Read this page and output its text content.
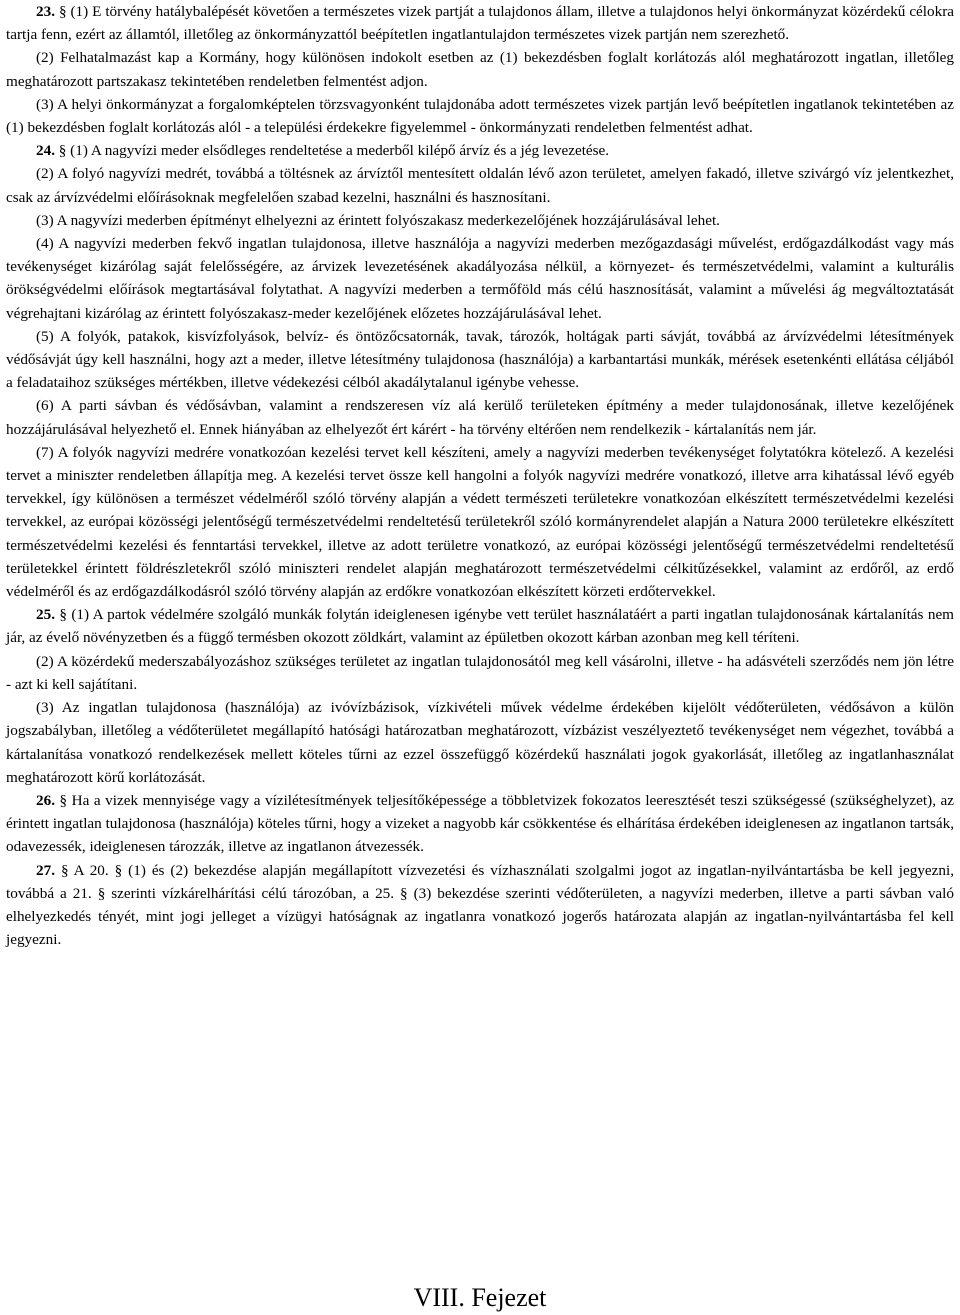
23. § (1) E törvény hatálybalépését követően a természetes vizek partját a tulajdonos állam, illetve a tulajdonos helyi önkormányzat közérdekű célokra tartja fenn, ezért az államtól, illetőleg az önkormányzattól beépítetlen ingatlantulajdon természetes vizek partján nem szerezhető.

(2) Felhatalmazást kap a Kormány, hogy különösen indokolt esetben az (1) bekezdésben foglalt korlátozás alól meghatározott ingatlan, illetőleg meghatározott partszakasz tekintetében rendeletben felmentést adjon.

(3) A helyi önkormányzat a forgalomképtelen törzsvagyonként tulajdonába adott természetes vizek partján levő beépítetlen ingatlanok tekintetében az (1) bekezdésben foglalt korlátozás alól - a települési érdekekre figyelemmel - önkormányzati rendeletben felmentést adhat.

24. § (1) A nagyvízi meder elsődleges rendeltetése a mederből kilépő árvíz és a jég levezetése.

(2) A folyó nagyvízi medrét, továbbá a töltésnek az árvíztől mentesített oldalán lévő azon területet, amelyen fakadó, illetve szivárgó víz jelentkezhet, csak az árvízvédelmi előírásoknak megfelelően szabad kezelni, használni és hasznosítani.

(3) A nagyvízi mederben építményt elhelyezni az érintett folyószakasz mederkezelőjének hozzájárulásával lehet.

(4) A nagyvízi mederben fekvő ingatlan tulajdonosa, illetve használója a nagyvízi mederben mezőgazdasági művelést, erdőgazdálkodást vagy más tevékenységet kizárólag saját felelősségére, az árvizek levezetésének akadályozása nélkül, a környezet- és természetvédelmi, valamint a kulturális örökségvédelmi előírások megtartásával folytathat. A nagyvízi mederben a termőföld más célú hasznosítását, valamint a művelési ág megváltoztatását végrehajtani kizárólag az érintett folyószakasz-meder kezelőjének előzetes hozzájárulásával lehet.

(5) A folyók, patakok, kisvízfolyások, belvíz- és öntözőcsatornák, tavak, tározók, holtágak parti sávját, továbbá az árvízvédelmi létesítmények védősávját úgy kell használni, hogy azt a meder, illetve létesítmény tulajdonosa (használója) a karbantartási munkák, mérések esetenkénti ellátása céljából a feladataihoz szükséges mértékben, illetve védekezési célból akadálytalanul igénybe vehesse.

(6) A parti sávban és védősávban, valamint a rendszeresen víz alá kerülő területeken építmény a meder tulajdonosának, illetve kezelőjének hozzájárulásával helyezhető el. Ennek hiányában az elhelyezőt ért kárért - ha törvény eltérően nem rendelkezik - kártalanítás nem jár.

(7) A folyók nagyvízi medrére vonatkozóan kezelési tervet kell készíteni, amely a nagyvízi mederben tevékenységet folytatókra kötelező. A kezelési tervet a miniszter rendeletben állapítja meg. A kezelési tervet össze kell hangolni a folyók nagyvízi medrére vonatkozó, illetve arra kihatással lévő egyéb tervekkel, így különösen a természet védelméről szóló törvény alapján a védett természeti területekre vonatkozóan elkészített természetvédelmi kezelési tervekkel, az európai közösségi jelentőségű természetvédelmi rendeltetésű területekről szóló kormányrendelet alapján a Natura 2000 területekre elkészített természetvédelmi kezelési és fenntartási tervekkel, illetve az adott területre vonatkozó, az európai közösségi jelentőségű természetvédelmi rendeltetésű területekkel érintett földrészletekről szóló miniszteri rendelet alapján meghatározott természetvédelmi célkitűzésekkel, valamint az erdőről, az erdő védelméről és az erdőgazdálkodásról szóló törvény alapján az erdőkre vonatkozóan elkészített körzeti erdőtervekkel.

25. § (1) A partok védelmére szolgáló munkák folytán ideiglenesen igénybe vett terület használatáért a parti ingatlan tulajdonosának kártalanítás nem jár, az évelő növényzetben és a függő termésben okozott zöldkárt, valamint az épületben okozott kárban azonban meg kell téríteni.

(2) A közérdekű mederszabályozáshoz szükséges területet az ingatlan tulajdonosától meg kell vásárolni, illetve - ha adásvételi szerződés nem jön létre - azt ki kell sajátítani.

(3) Az ingatlan tulajdonosa (használója) az ivóvízbázisok, vízkivételi művek védelme érdekében kijelölt védőterületen, védősávon a külön jogszabályban, illetőleg a védőterületet megállapító hatósági határozatban meghatározott, vízbázist veszélyeztető tevékenységet nem végezhet, továbbá a kártalanítása vonatkozó rendelkezések mellett köteles tűrni az ezzel összefüggő közérdekű használati jogok gyakorlását, illetőleg az ingatlanhasználat meghatározott körű korlátozását.

26. § Ha a vizek mennyisége vagy a vízilétesítmények teljesítőképessége a többletvizek fokozatos leeresztését teszi szükségessé (szükséghelyzet), az érintett ingatlan tulajdonosa (használója) köteles tűrni, hogy a vizeket a nagyobb kár csökkentése és elhárítása érdekében ideiglenesen az ingatlanon tartsák, odavezessék, ideiglenesen tározzák, illetve az ingatlanon átvezessék.

27. § A 20. § (1) és (2) bekezdése alapján megállapított vízvezetési és vízhasználati szolgalmi jogot az ingatlan-nyilvántartásba be kell jegyezni, továbbá a 21. § szerinti vízkárelhárítási célú tározóban, a 25. § (3) bekezdése szerinti védőterületen, a nagyvízi mederben, illetve a parti sávban való elhelyezkedés tényét, mint jogi jelleget a vízügyi hatóságnak az ingatlanra vonatkozó jogerős határozata alapján az ingatlan-nyilvántartásba fel kell jegyezni.

VIII. Fejezet
